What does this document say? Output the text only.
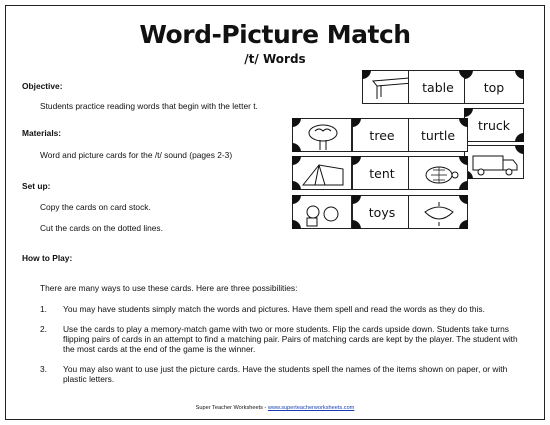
Word-Picture Match
/t/ Words
Objective:
Students practice reading words that begin with the letter t.
Materials:
Word and picture cards for the /t/ sound (pages 2-3)
Set up:
Copy the cards on card stock.
Cut the cards on the dotted lines.
How to Play:
There are many ways to use these cards. Here are three possibilities:
1. You may have students simply match the words and pictures. Have them spell and read the words as they do this.
2. Use the cards to play a memory-match game with two or more students. Flip the cards upside down. Students take turns flipping pairs of cards in an attempt to find a matching pair. Pairs of matching cards are kept by the player. The student with the most cards at the end of the game is the winner.
3. You may also want to use just the picture cards. Have the students spell the names of the items shown on paper, or with plastic letters.
table	top
truck
tree	turtle
tent
toys
Super Teacher Worksheets - www.superteacherworksheets.com
